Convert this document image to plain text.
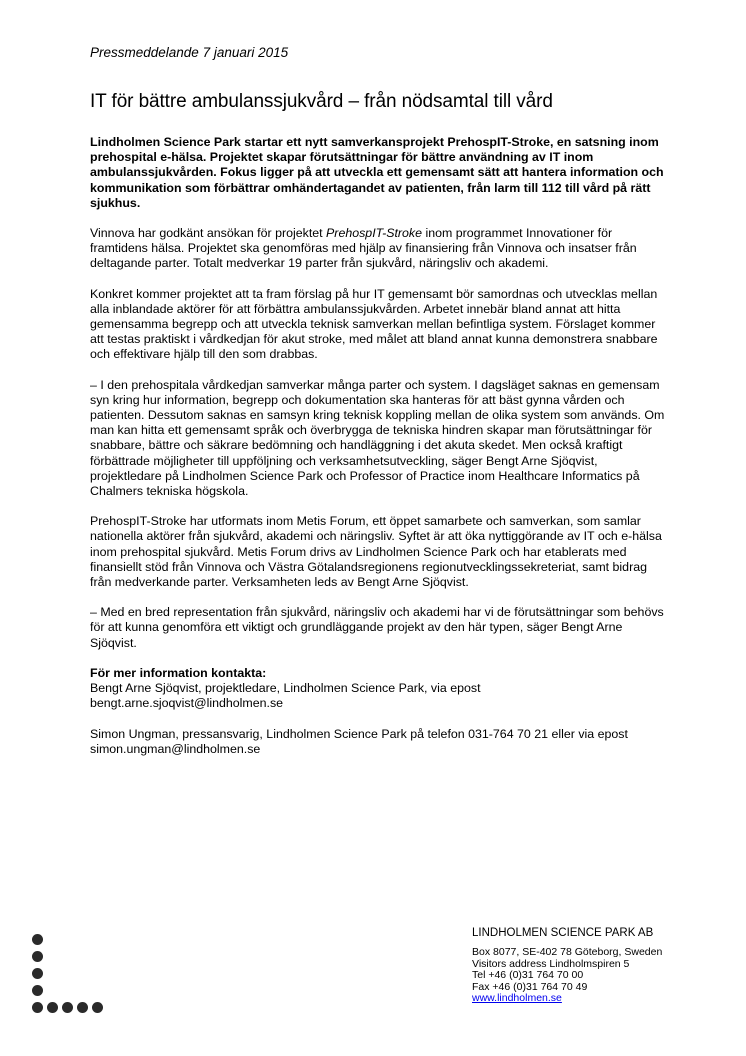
Pressmeddelande 7 januari 2015
IT för bättre ambulanssjukvård – från nödsamtal till vård

Lindholmen Science Park startar ett nytt samverkansprojekt PrehospIT-Stroke, en satsning inom prehospital e-hälsa. Projektet skapar förutsättningar för bättre användning av IT inom ambulanssjukvården. Fokus ligger på att utveckla ett gemensamt sätt att hantera information och kommunikation som förbättrar omhändertagandet av patienten, från larm till 112 till vård på rätt sjukhus.

Vinnova har godkänt ansökan för projektet PrehospIT-Stroke inom programmet Innovationer för framtidens hälsa. Projektet ska genomföras med hjälp av finansiering från Vinnova och insatser från deltagande parter. Totalt medverkar 19 parter från sjukvård, näringsliv och akademi.

Konkret kommer projektet att ta fram förslag på hur IT gemensamt bör samordnas och utvecklas mellan alla inblandade aktörer för att förbättra ambulanssjukvården. Arbetet innebär bland annat att hitta gemensamma begrepp och att utveckla teknisk samverkan mellan befintliga system. Förslaget kommer att testas praktiskt i vårdkedjan för akut stroke, med målet att bland annat kunna demonstrera snabbare och effektivare hjälp till den som drabbas.

– I den prehospitala vårdkedjan samverkar många parter och system. I dagsläget saknas en gemensam syn kring hur information, begrepp och dokumentation ska hanteras för att bäst gynna vården och patienten. Dessutom saknas en samsyn kring teknisk koppling mellan de olika system som används. Om man kan hitta ett gemensamt språk och överbrygga de tekniska hindren skapar man förutsättningar för snabbare, bättre och säkrare bedömning och handläggning i det akuta skedet. Men också kraftigt förbättrade möjligheter till uppföljning och verksamhetsutveckling, säger Bengt Arne Sjöqvist, projektledare på Lindholmen Science Park och Professor of Practice inom Healthcare Informatics på Chalmers tekniska högskola.

PrehospIT-Stroke har utformats inom Metis Forum, ett öppet samarbete och samverkan, som samlar nationella aktörer från sjukvård, akademi och näringsliv. Syftet är att öka nyttiggörande av IT och e-hälsa inom prehospital sjukvård. Metis Forum drivs av Lindholmen Science Park och har etablerats med finansiellt stöd från Vinnova och Västra Götalandsregionens regionutvecklingssekreteriat, samt bidrag från medverkande parter. Verksamheten leds av Bengt Arne Sjöqvist.

– Med en bred representation från sjukvård, näringsliv och akademi har vi de förutsättningar som behövs för att kunna genomföra ett viktigt och grundläggande projekt av den här typen, säger Bengt Arne Sjöqvist.

För mer information kontakta:
Bengt Arne Sjöqvist, projektledare, Lindholmen Science Park, via epost
bengt.arne.sjoqvist@lindholmen.se

Simon Ungman, pressansvarig, Lindholmen Science Park på telefon 031-764 70 21 eller via epost simon.ungman@lindholmen.se

LINDHOLMEN SCIENCE PARK AB
Box 8077, SE-402 78 Göteborg, Sweden
Visitors address Lindholmspiren 5
Tel +46 (0)31 764 70 00
Fax +46 (0)31 764 70 49
www.lindholmen.se
